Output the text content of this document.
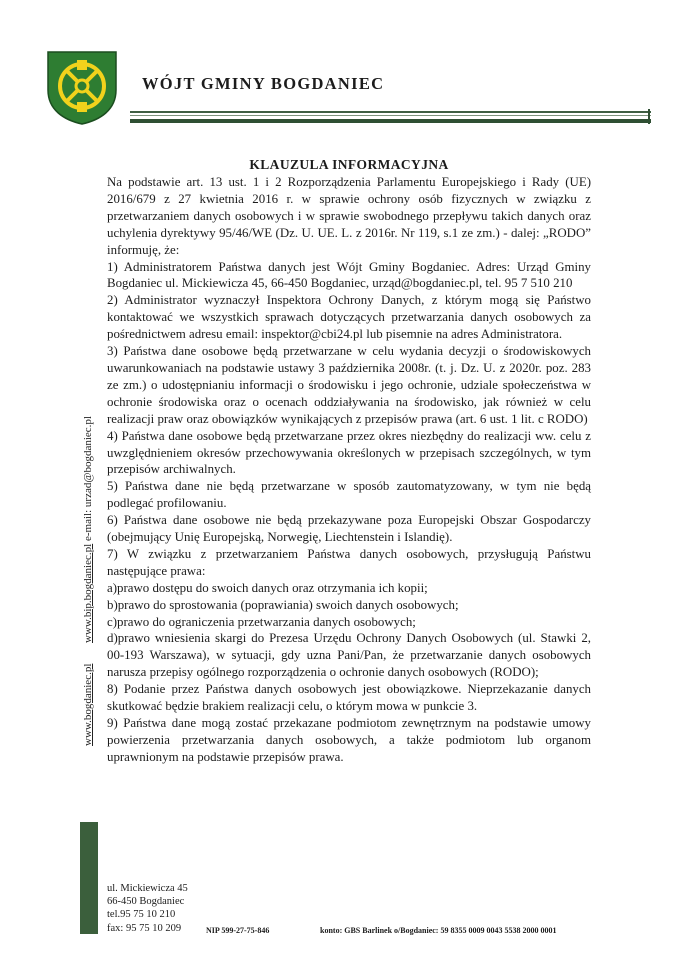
WÓJT GMINY BOGDANIEC
e-mail: urzad@bogdaniec.pl
www.bip.bogdaniec.pl
www.bogdaniec.pl
KLAUZULA INFORMACYJNA

Na podstawie art. 13 ust. 1 i 2 Rozporządzenia Parlamentu Europejskiego i Rady (UE) 2016/679 z 27 kwietnia 2016 r. w sprawie ochrony osób fizycznych w związku z przetwarzaniem danych osobowych i w sprawie swobodnego przepływu takich danych oraz uchylenia dyrektywy 95/46/WE (Dz. U. UE. L. z 2016r. Nr 119, s.1 ze zm.) - dalej: „RODO” informuję, że:

1) Administratorem Państwa danych jest Wójt Gminy Bogdaniec. Adres: Urząd Gminy Bogdaniec ul. Mickiewicza 45, 66-450 Bogdaniec, urząd@bogdaniec.pl, tel. 95 7 510 210

2) Administrator wyznaczył Inspektora Ochrony Danych, z którym mogą się Państwo kontaktować we wszystkich sprawach dotyczących przetwarzania danych osobowych za pośrednictwem adresu email: inspektor@cbi24.pl lub pisemnie na adres Administratora.

3) Państwa dane osobowe będą przetwarzane w celu wydania decyzji o środowiskowych uwarunkowaniach na podstawie ustawy 3 października 2008r. (t. j. Dz. U. z 2020r. poz. 283 ze zm.) o udostępnianiu informacji o środowisku i jego ochronie, udziale społeczeństwa w ochronie środowiska oraz o ocenach oddziaływania na środowisko, jak również w celu realizacji praw oraz obowiązków wynikających z przepisów prawa (art. 6 ust. 1 lit. c RODO)

4) Państwa dane osobowe będą przetwarzane przez okres niezbędny do realizacji ww. celu z uwzględnieniem okresów przechowywania określonych w przepisach szczególnych, w tym przepisów archiwalnych.

5) Państwa dane nie będą przetwarzane w sposób zautomatyzowany, w tym nie będą podlegać profilowaniu.

6) Państwa dane osobowe nie będą przekazywane poza Europejski Obszar Gospodarczy (obejmujący Unię Europejską, Norwegię, Liechtenstein i Islandię).

7) W związku z przetwarzaniem Państwa danych osobowych, przysługują Państwu następujące prawa:

a)prawo dostępu do swoich danych oraz otrzymania ich kopii;

b)prawo do sprostowania (poprawiania) swoich danych osobowych;

c)prawo do ograniczenia przetwarzania danych osobowych;

d)prawo wniesienia skargi do Prezesa Urzędu Ochrony Danych Osobowych (ul. Stawki 2, 00-193 Warszawa), w sytuacji, gdy uzna Pani/Pan, że przetwarzanie danych osobowych narusza przepisy ogólnego rozporządzenia o ochronie danych osobowych (RODO);

8) Podanie przez Państwa danych osobowych jest obowiązkowe. Nieprzekazanie danych skutkować będzie brakiem realizacji celu, o którym mowa w punkcie 3.

9) Państwa dane mogą zostać przekazane podmiotom zewnętrznym na podstawie umowy powierzenia przetwarzania danych osobowych, a także podmiotom lub organom uprawnionym na podstawie przepisów prawa.

ul. Mickiewicza 45
66-450 Bogdaniec
tel.95 75 10 210
fax: 95 75 10 209	NIP 599-27-75-846	konto: GBS Barlinek o/Bogdaniec: 59 8355 0009 0043 5538 2000 0001
